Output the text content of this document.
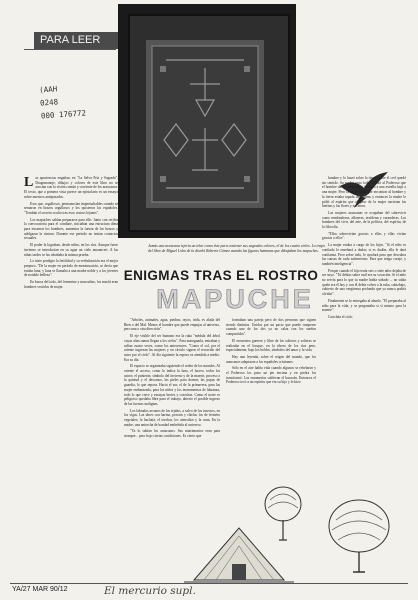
PARA LEER
(AAH
0248
000 176772
Jamás una araucana tejería un telar como éste para contener sus sagrados colores, el de los cuatro cielos. Lo trapo del libro de Miguel Lobo de la diseñó Roberto Gómez usando las figuras humanas que dibujaban los mapuches.
ENIGMAS TRAS EL ROSTRO
MAPUCHE

Las apariencias engañan, en "La Selva Fría y Sagrada". Dragomanoje, dibujos y colores de este libro no se asocian con la visión común y corriente de los araucanos. El texto, que a primera vista parece un epistolario es un ensayo sobre nuestros antepasados.

Esos que, orgullosos, permanecían imperturbables cuando se sentaron en brazos orgullosos y los quisieron los españoles. "Tendrán el secreto oculto tras esos rostros lejanos".

Los mapuches sabían prepararse para ello. Junto con recibir la convocatoria para el combate, iniciaban una estructura dieta para encarnar los hombres, aumentar la fuerza de los brazos y adelgazar la cintura. Durante ese período no tenían contactos sexuales.

El poder la lograban, desde niños, en los ríos. Aunque fuese invierno se introducían en su agua un cielo amaneceri. A las niñas tardes se las rebañaba la misma prueba.

La triste prodigio la fertilidad y su verbalización era el mejor prepozo. "De la mujer en período de menstruación, se decía que estaba luna; y luna se llamaba a una madre noble y a los jóvenes de notable belleza".

En busca del todo, del femenino y masculino, los machi eran hombres vestidos de mujer.

"Árboles, animales, agua, piedras, rayos, trida, es alada del Bien o del Mal. Menos el hombre que puede empujar al universo, pero una o otra dirección".

El eje visible del ser humano era la ruka "médula del árbol cuyas altas ramas llegan a los cielos". Para maseguarla, entraban y salían cuatro veces, como los antecesores. "Como el sol, por el oriente ingresan las mujeres y en círculo siguen el recorrido del astro por el cielo". Al día siguiente la espesa va atendida a medio. Era su día.

El espacio se organizaba siguiendo el orden de los mundos. Al oriente el acceso, como lo indica la luna, el lucero, todos los astros: el poniente, símbolo del invierno y de la muerte, proceso a la quietud y el descanso, las pieles para dormir, las popas de guardia, lo que reposa. Hacia el sur, el de la primavera, para las mujer embarazada, para los niños y los instrumentos de labranza, todo lo que crece y ensayas brotes y cosechas. Como el norte es peligroso quedaba libre para el trabajo, abierto el posible ingreso de las fuerzas malignas.

Los labrados arcanos de los tejidos, a salvo de los insectos, en los vigas. Las ubres con harina, porotos y chicha; los de fermeto vegetales; la hachaía, el torobur, los utensilios y la cuna. En la madre, una antorcha de bondad embebida al universo.

"Ya lo sabían los araucanos. Sus matrimonios eran para siempre... pero bajo ciertas condiciones. Es cierto que

formaban una pareja pero de dos personas que siguen siendo distintas. Unidos por un pacto que puede romperse cuando uno de los dos ya no calza con los sueños compartidos".

El encuentro guerero y libre de los solteros y solteras se realizaba en el bosque, en la ribera de los ríos pero, especialmente, bajo los boldos, símbolos del amor y la vida.

Hay una leyenda, sobre el origen del mundo, que los araucanos adaptaron a los españoles cristianos:

Sólo en el aire había vida cuando algunos se rebelaron y el Poderoso los puso un pie encima y en piedra los transformó. Las enramerías sublevan el huracán. Entonces el Poderoso tocó a un espíritu que era su hijo y lo hizo

hombre y lo lanzó sobre la tierra y dile el cerf quedó sin sentido. Su madre supo todo y pidió al Poderoso que el hombre dar a compañía y tocando a una estrella bajó a una mujer. Pero la mujer tenía que encontrar al hombre y la tierra estaba tapada de piedras y entonces la madre le pidió al espíritu que al paso de la mujer nacieran las hierbas y las flores y nacieron.

Las mujeres araucanas se ocupaban del sobrevivir como sembradoras, alfareras, textileras y curanderas. Los hombres del vivir, del arte, de la política, del espíritu, de la filosofía.

"Ellos sobrevivían gracias a ellas y ellas vivían gracias a ellos".

La mujer estaba a cargo de los hijos. "Si el niño es confiado le enseñará a dudar; si es dudón, ella le dará confianza. Pero sobre todo, le ayudará para que descubra las causas de cada sufrimiento. Para que tenga coraje, y también inteligencia".

Porque cuando el hijo tenía seis o siete años dejaba de ser suyo. "Tú debías saber cuál era su vocación. Si el niño no servía para lo que tu madre había soñado ... no sabía quién era él hoy y con él debía volver a la ruka, cabizbajo, cubierto de una vergüenza profunda que ya nunca podría olvidar".

Finalmente se lo entregaba al abuelo. "El preparaba al niño para la vida, y se preguntaba si sí mismo para la muerte".

Concluía el ciclo.

YA/27 MAR 90/12	El mercurio supl.
